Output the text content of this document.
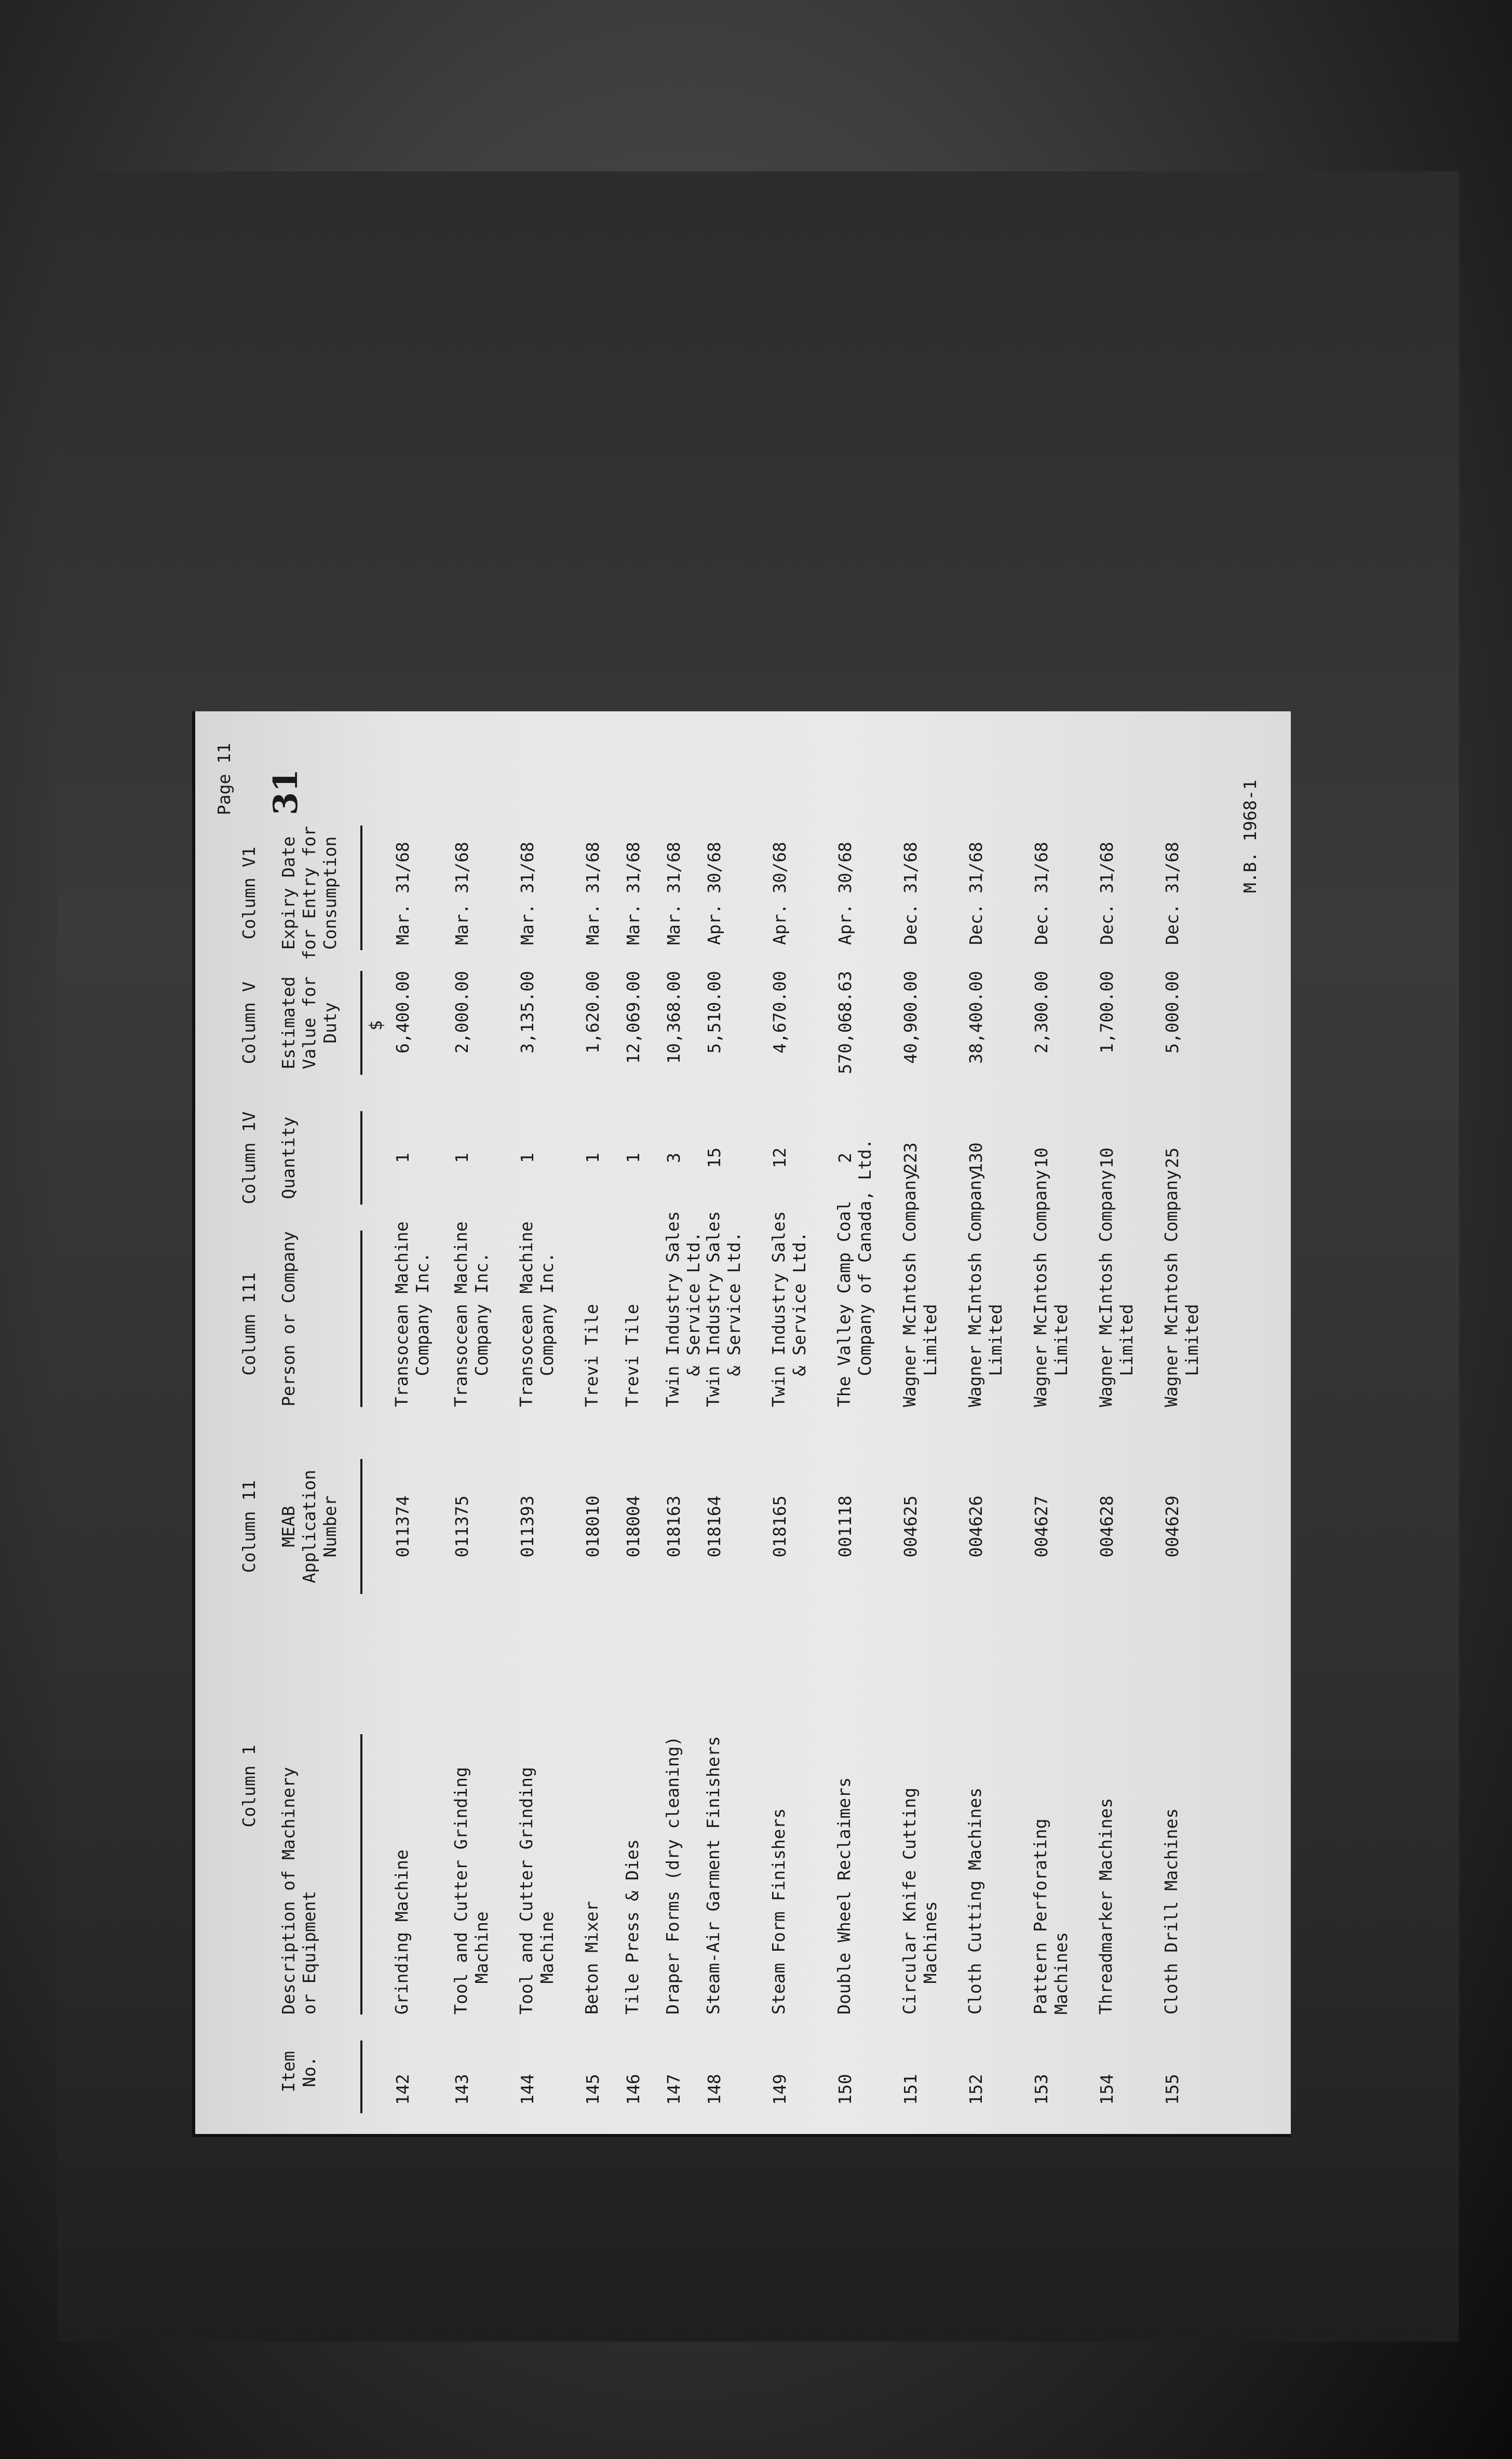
Page 11 31	M.B. 1968-1
Column 1
Column 11
Column 111
Column 1V
Column V
Column V1
Item
No.
Description of Machinery
or Equipment
MEAB
Application
Number
Person or Company
Quantity
Estimated
Value for
Duty
Expiry Date
for Entry for
Consumption
$
142
Grinding Machine
011374
Transocean Machine
Company Inc.
1
6,400.00
Mar. 31/68
143
Tool and Cutter Grinding
Machine
011375
Transocean Machine
Company Inc.
1
2,000.00
Mar. 31/68
144
Tool and Cutter Grinding
Machine
011393
Transocean Machine
Company Inc.
1
3,135.00
Mar. 31/68
145
Beton Mixer
018010
Trevi Tile
1
1,620.00
Mar. 31/68
146
Tile Press & Dies
018004
Trevi Tile
1
12,069.00
Mar. 31/68
147
Draper Forms (dry cleaning)
018163
Twin Industry Sales
& Service Ltd.
3
10,368.00
Mar. 31/68
148
Steam-Air Garment Finishers
018164
Twin Industry Sales
& Service Ltd.
15
5,510.00
Apr. 30/68
149
Steam Form Finishers
018165
Twin Industry Sales
& Service Ltd.
12
4,670.00
Apr. 30/68
150
Double Wheel Reclaimers
001118
The Valley Camp Coal
Company of Canada, Ltd.
2
570,068.63
Apr. 30/68
151
Circular Knife Cutting
Machines
004625
Wagner McIntosh Company
Limited
223
40,900.00
Dec. 31/68
152
Cloth Cutting Machines
004626
Wagner McIntosh Company
Limited
130
38,400.00
Dec. 31/68
153
Pattern Perforating
Machines
004627
Wagner McIntosh Company
Limited
10
2,300.00
Dec. 31/68
154
Threadmarker Machines
004628
Wagner McIntosh Company
Limited
10
1,700.00
Dec. 31/68
155
Cloth Drill Machines
004629
Wagner McIntosh Company
Limited
25
5,000.00
Dec. 31/68
